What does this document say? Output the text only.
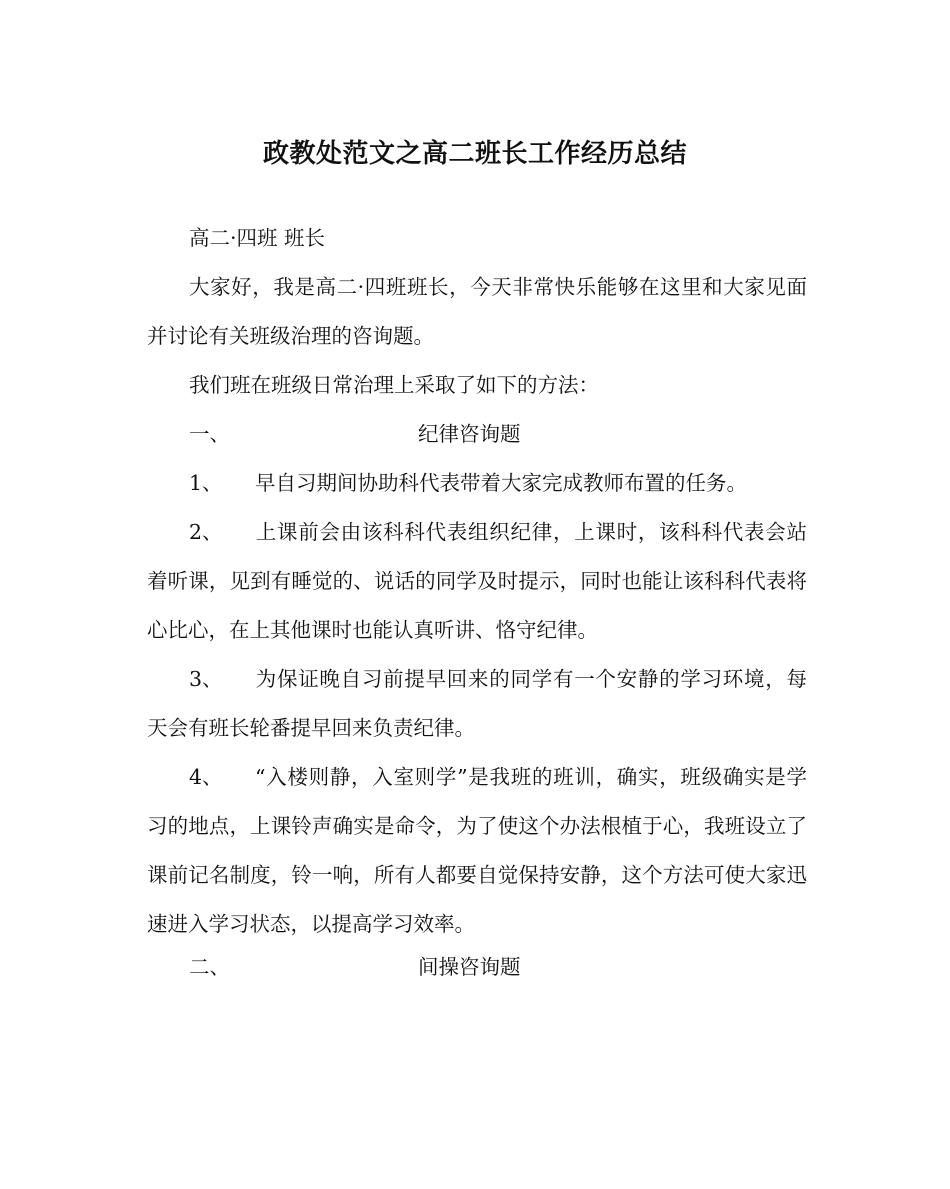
政教处范文之高二班长工作经历总结

高二·四班 班长

大家好，我是高二·四班班长，今天非常快乐能够在这里和大家见面并讨论有关班级治理的咨询题。

我们班在班级日常治理上采取了如下的方法：

一、	纪律咨询题

1、 早自习期间协助科代表带着大家完成教师布置的任务。

2、 上课前会由该科科代表组织纪律，上课时，该科科代表会站着听课，见到有睡觉的、说话的同学及时提示，同时也能让该科科代表将心比心，在上其他课时也能认真听讲、恪守纪律。

3、 为保证晚自习前提早回来的同学有一个安静的学习环境，每天会有班长轮番提早回来负责纪律。

4、 “入楼则静，入室则学”是我班的班训，确实，班级确实是学习的地点，上课铃声确实是命令，为了使这个办法根植于心，我班设立了课前记名制度，铃一响，所有人都要自觉保持安静，这个方法可使大家迅速进入学习状态，以提高学习效率。

二、	间操咨询题
